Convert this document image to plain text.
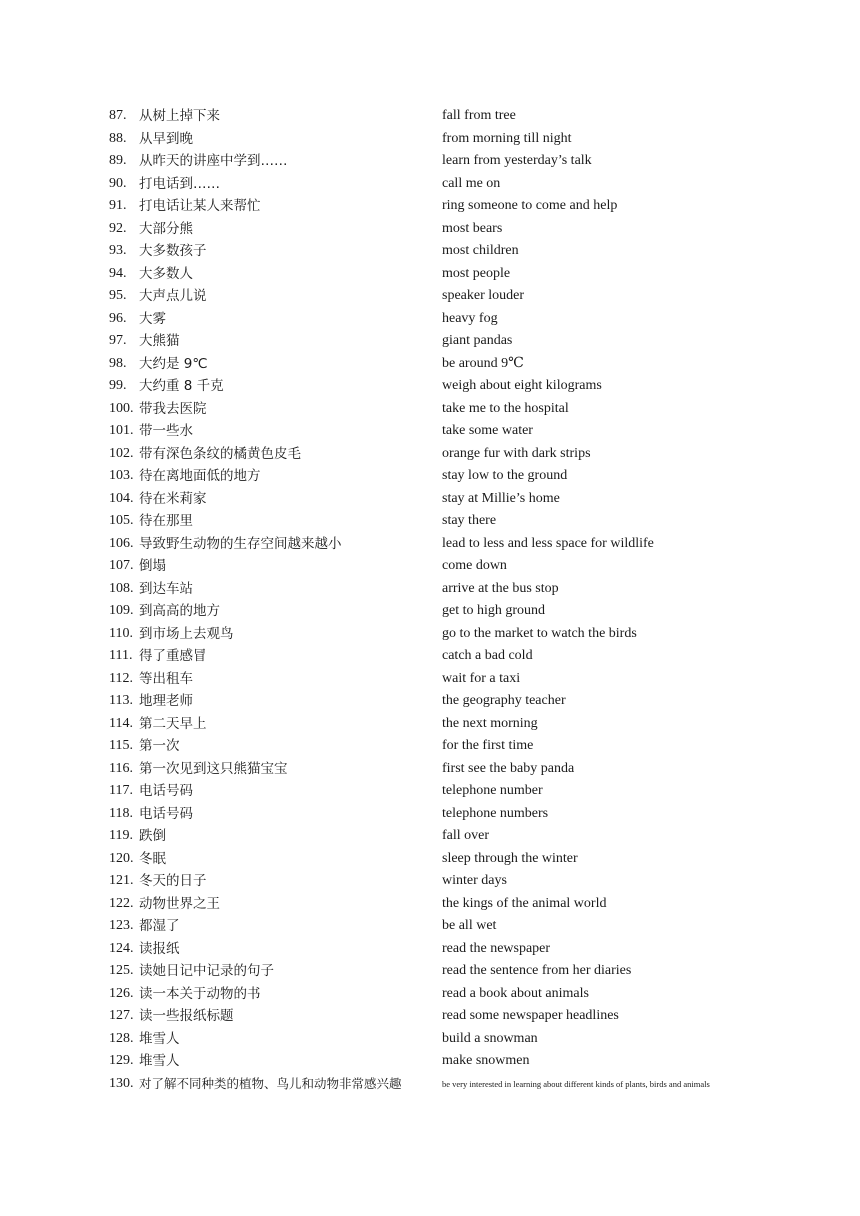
87. 从树上掉下来	fall from tree
88. 从早到晚	from morning till night
89. 从昨天的讲座中学到……	learn from yesterday’s talk
90. 打电话到……	call me on
91. 打电话让某人来帮忙	ring someone to come and help
92. 大部分熊	most bears
93. 大多数孩子	most children
94. 大多数人	most people
95. 大声点儿说	speaker louder
96. 大雾	heavy fog
97. 大熊猫	giant pandas
98. 大约是 9℃	be around 9℃
99. 大约重 8 千克	weigh about eight kilograms
100. 带我去医院	take me to the hospital
101. 带一些水	take some water
102. 带有深色条纹的橘黄色皮毛	orange fur with dark strips
103. 待在离地面低的地方	stay low to the ground
104. 待在米莉家	stay at Millie’s home
105. 待在那里	stay there
106. 导致野生动物的生存空间越来越小	lead to less and less space for wildlife
107. 倒塌	come down
108. 到达车站	arrive at the bus stop
109. 到高高的地方	get to high ground
110. 到市场上去观鸟	go to the market to watch the birds
111. 得了重感冒	catch a bad cold
112. 等出租车	wait for a taxi
113. 地理老师	the geography teacher
114. 第二天早上	the next morning
115. 第一次	for the first time
116. 第一次见到这只熊猫宝宝	first see the baby panda
117. 电话号码	telephone number
118. 电话号码	telephone numbers
119. 跌倒	fall over
120. 冬眠	sleep through the winter
121. 冬天的日子	winter days
122. 动物世界之王	the kings of the animal world
123. 都湿了	be all wet
124. 读报纸	read the newspaper
125. 读她日记中记录的句子	read the sentence from her diaries
126. 读一本关于动物的书	read a book about animals
127. 读一些报纸标题	read some newspaper headlines
128. 堆雪人	build a snowman
129. 堆雪人	make snowmen
130. 对了解不同种类的植物、鸟儿和动物非常感兴趣	be very interested in learning about different kinds of plants, birds and animals
